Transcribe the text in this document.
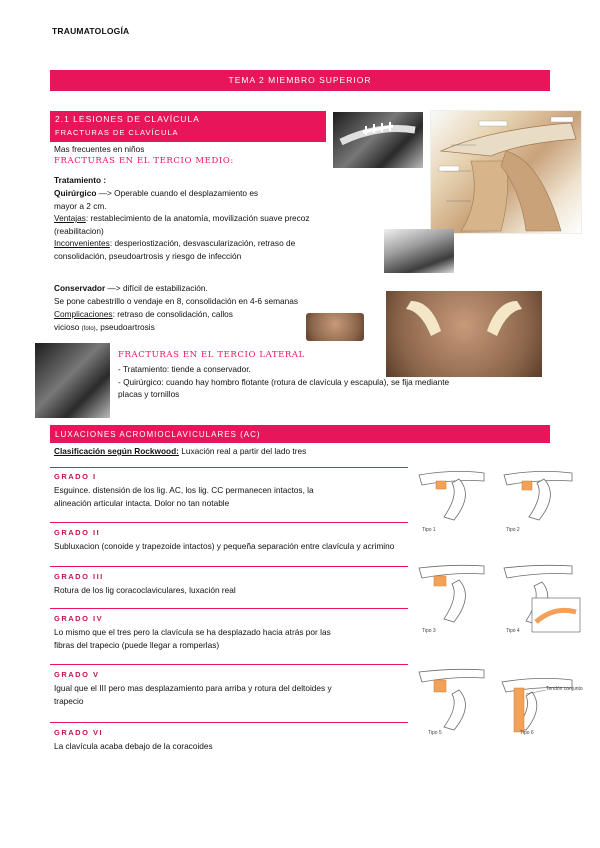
TRAUMATOLOGÍA
TEMA 2 MIEMBRO SUPERIOR
2.1 LESIONES DE CLAVÍCULA
FRACTURAS DE CLAVÍCULA
Mas frecuentes en niños
FRACTURAS EN EL TERCIO MEDIO:
Tratamiento :
Quirúrgico —> Operable cuando el desplazamiento es
mayor a 2 cm.
Ventajas: restablecimiento de la anatomía, movilización suave precoz
(reabilitacion)
Inconvenientes: desperiostización, desvascularización, retraso de
consolidación, pseudoartrosis y riesgo de infección
Conservador —> difícil de estabilización.
Se pone cabestrillo o vendaje en 8, consolidación en 4-6 semanas
Complicaciones: retraso de consolidación, callos
vicioso (foto), pseudoartrosis
FRACTURAS EN EL TERCIO LATERAL
- Tratamiento: tiende a conservador.
- Quirúrgico: cuando hay hombro flotante (rotura de clavícula y escapula), se fija mediante
placas y tornillos
LUXACIONES ACROMIOCLAVICULARES (AC)
Clasificación según Rockwood: Luxación real a partir del lado tres
GRADO I
Esguince. distensión de los lig. AC, los lig. CC permanecen intactos, la
alineación articular intacta. Dolor no tan notable
GRADO II
Subluxacion (conoide y trapezoide intactos) y pequeña separación entre clavícula y acrimino
GRADO III
Rotura de los lig coracoclaviculares, luxación real
GRADO IV
Lo mismo que el tres pero la clavícula se ha desplazado hacia atrás por las
fibras del trapecio (puede llegar a romperlas)
GRADO V
Igual que el III pero mas desplazamiento para arriba y rotura del deltoides y
trapecio
GRADO VI
La clavícula acaba debajo de la coracoides
Tipo 1	Tipo 2
Tipo 3	Tipo 4
Tipo 5	Tipo 6
Tendón conjunto
